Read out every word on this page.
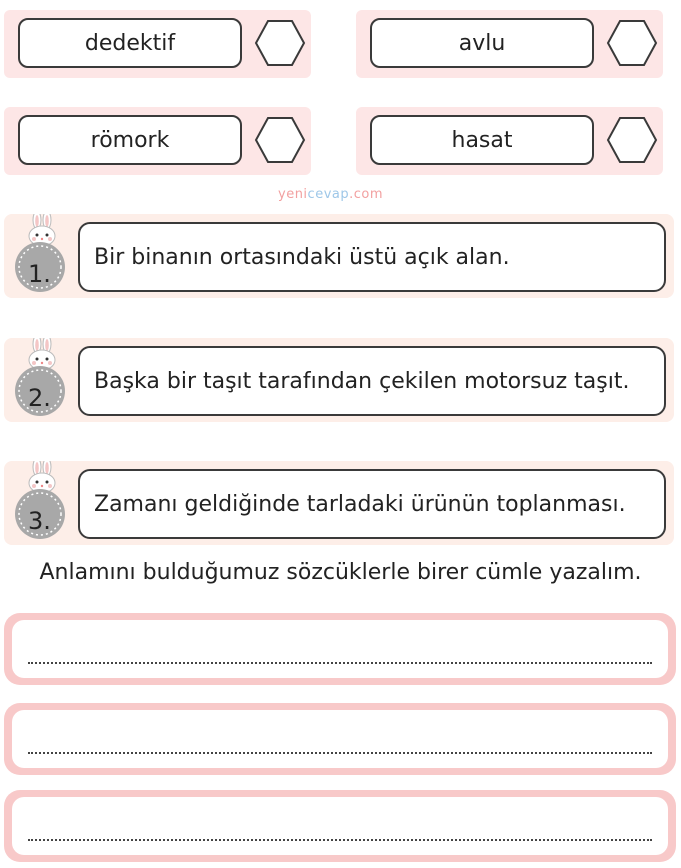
dedektif	avlu
römork	hasat
yenicevap.com
1.
Bir binanın ortasındaki üstü açık alan.
2.
Başka bir taşıt tarafından çekilen motorsuz taşıt.
3.
Zamanı geldiğinde tarladaki ürünün toplanması.
Anlamını bulduğumuz sözcüklerle birer cümle yazalım.
